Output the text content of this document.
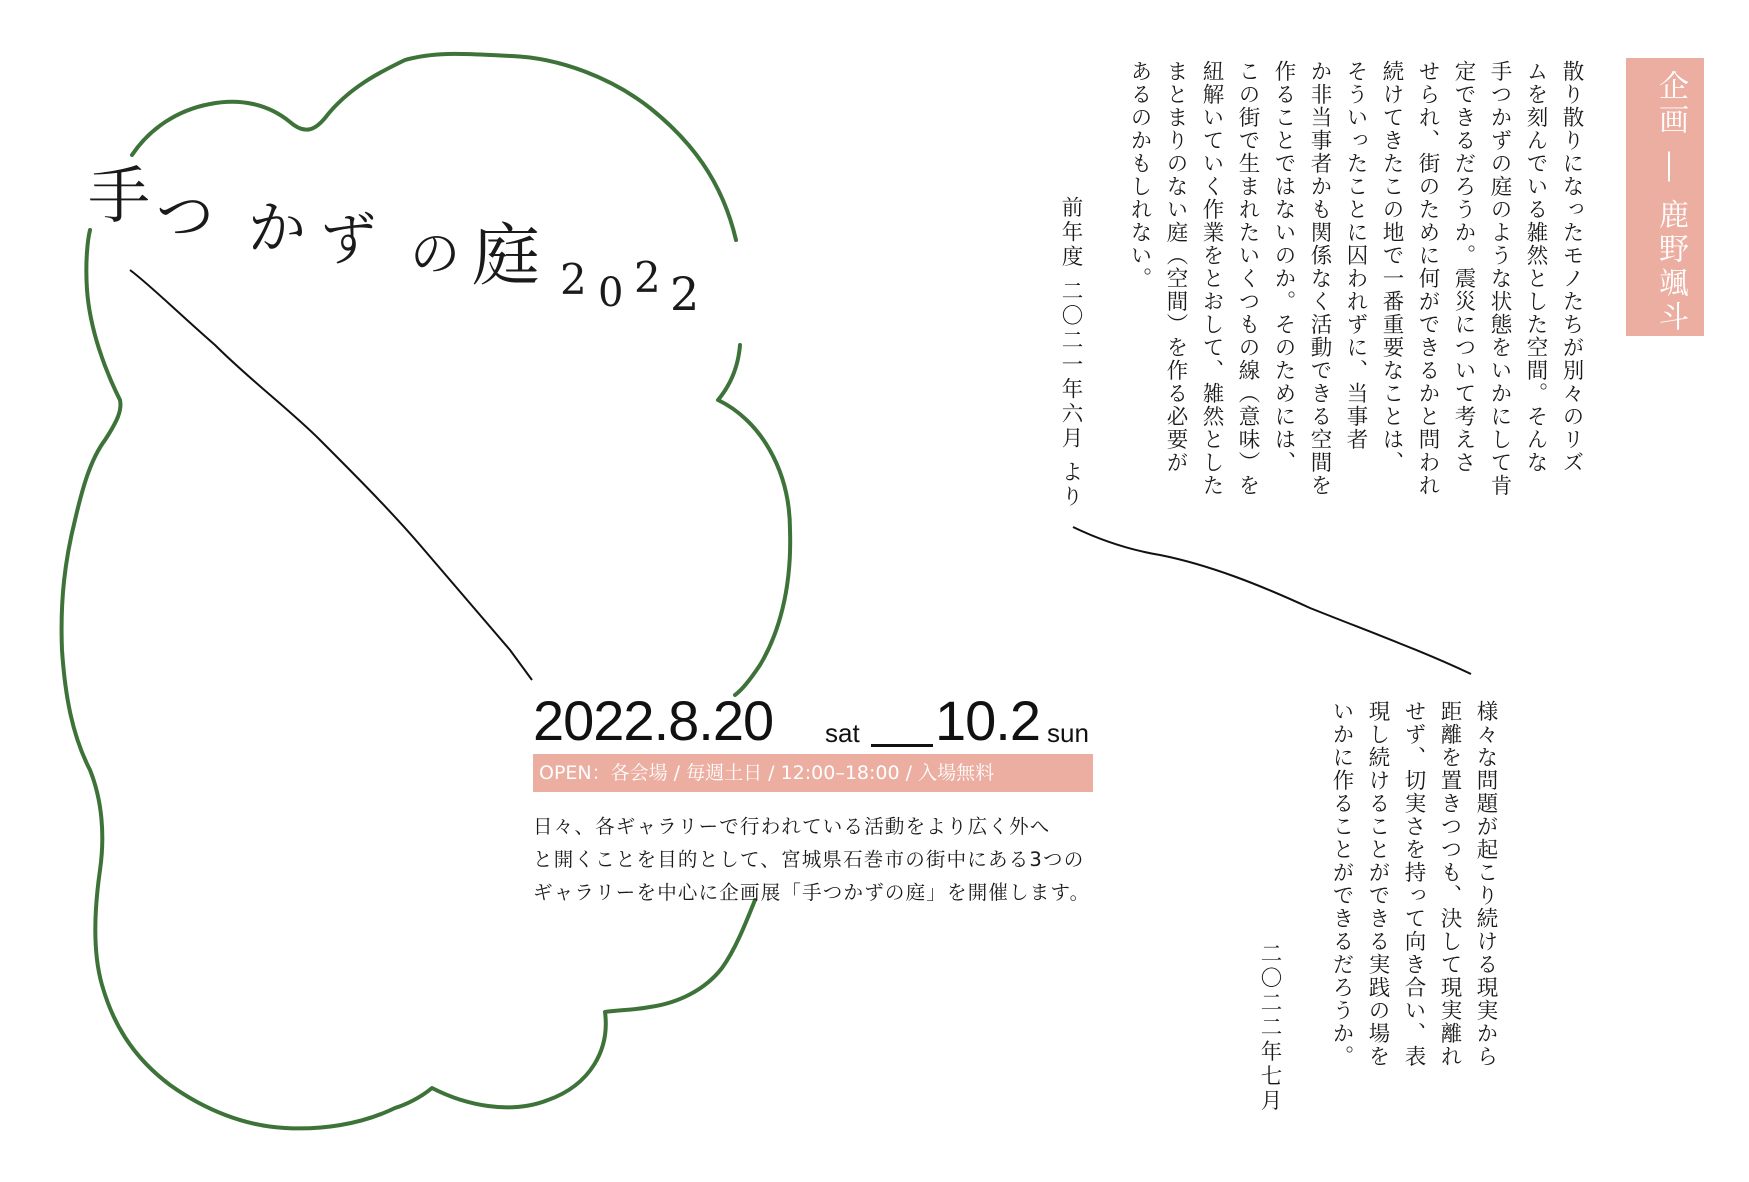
手 つ か ず の 庭 2 0 2 2	企画 ― 鹿野颯斗
散り散りになったモノたちが別々のリズ
ムを刻んでいる雑然とした空間。そんな
手つかずの庭のような状態をいかにして肯
定できるだろうか。震災について考えさ
せられ、街のために何ができるかと問われ
続けてきたこの地で一番重要なことは、
そういったことに囚われずに、当事者
か非当事者かも関係なく活動できる空間を
作ることではないのか。そのためには、
この街で生まれたいくつもの線（意味）を
紐解いていく作業をとおして、雑然とした
まとまりのない庭（空間）を作る必要が
あるのかもしれない。
前年度 二〇二一年六月 より
様々な問題が起こり続ける現実から
距離を置きつつも、決して現実離れ
せず、切実さを持って向き合い、表
現し続けることができる実践の場を
いかに作ることができるだろうか。
二〇二二年七月
2022.8.20 sat 10.2 sun
OPEN：各会場 / 毎週土日 / 12:00–18:00 / 入場無料
日々、各ギャラリーで行われている活動をより広く外へ
と開くことを目的として、宮城県石巻市の街中にある3つの
ギャラリーを中心に企画展「手つかずの庭」を開催します。
